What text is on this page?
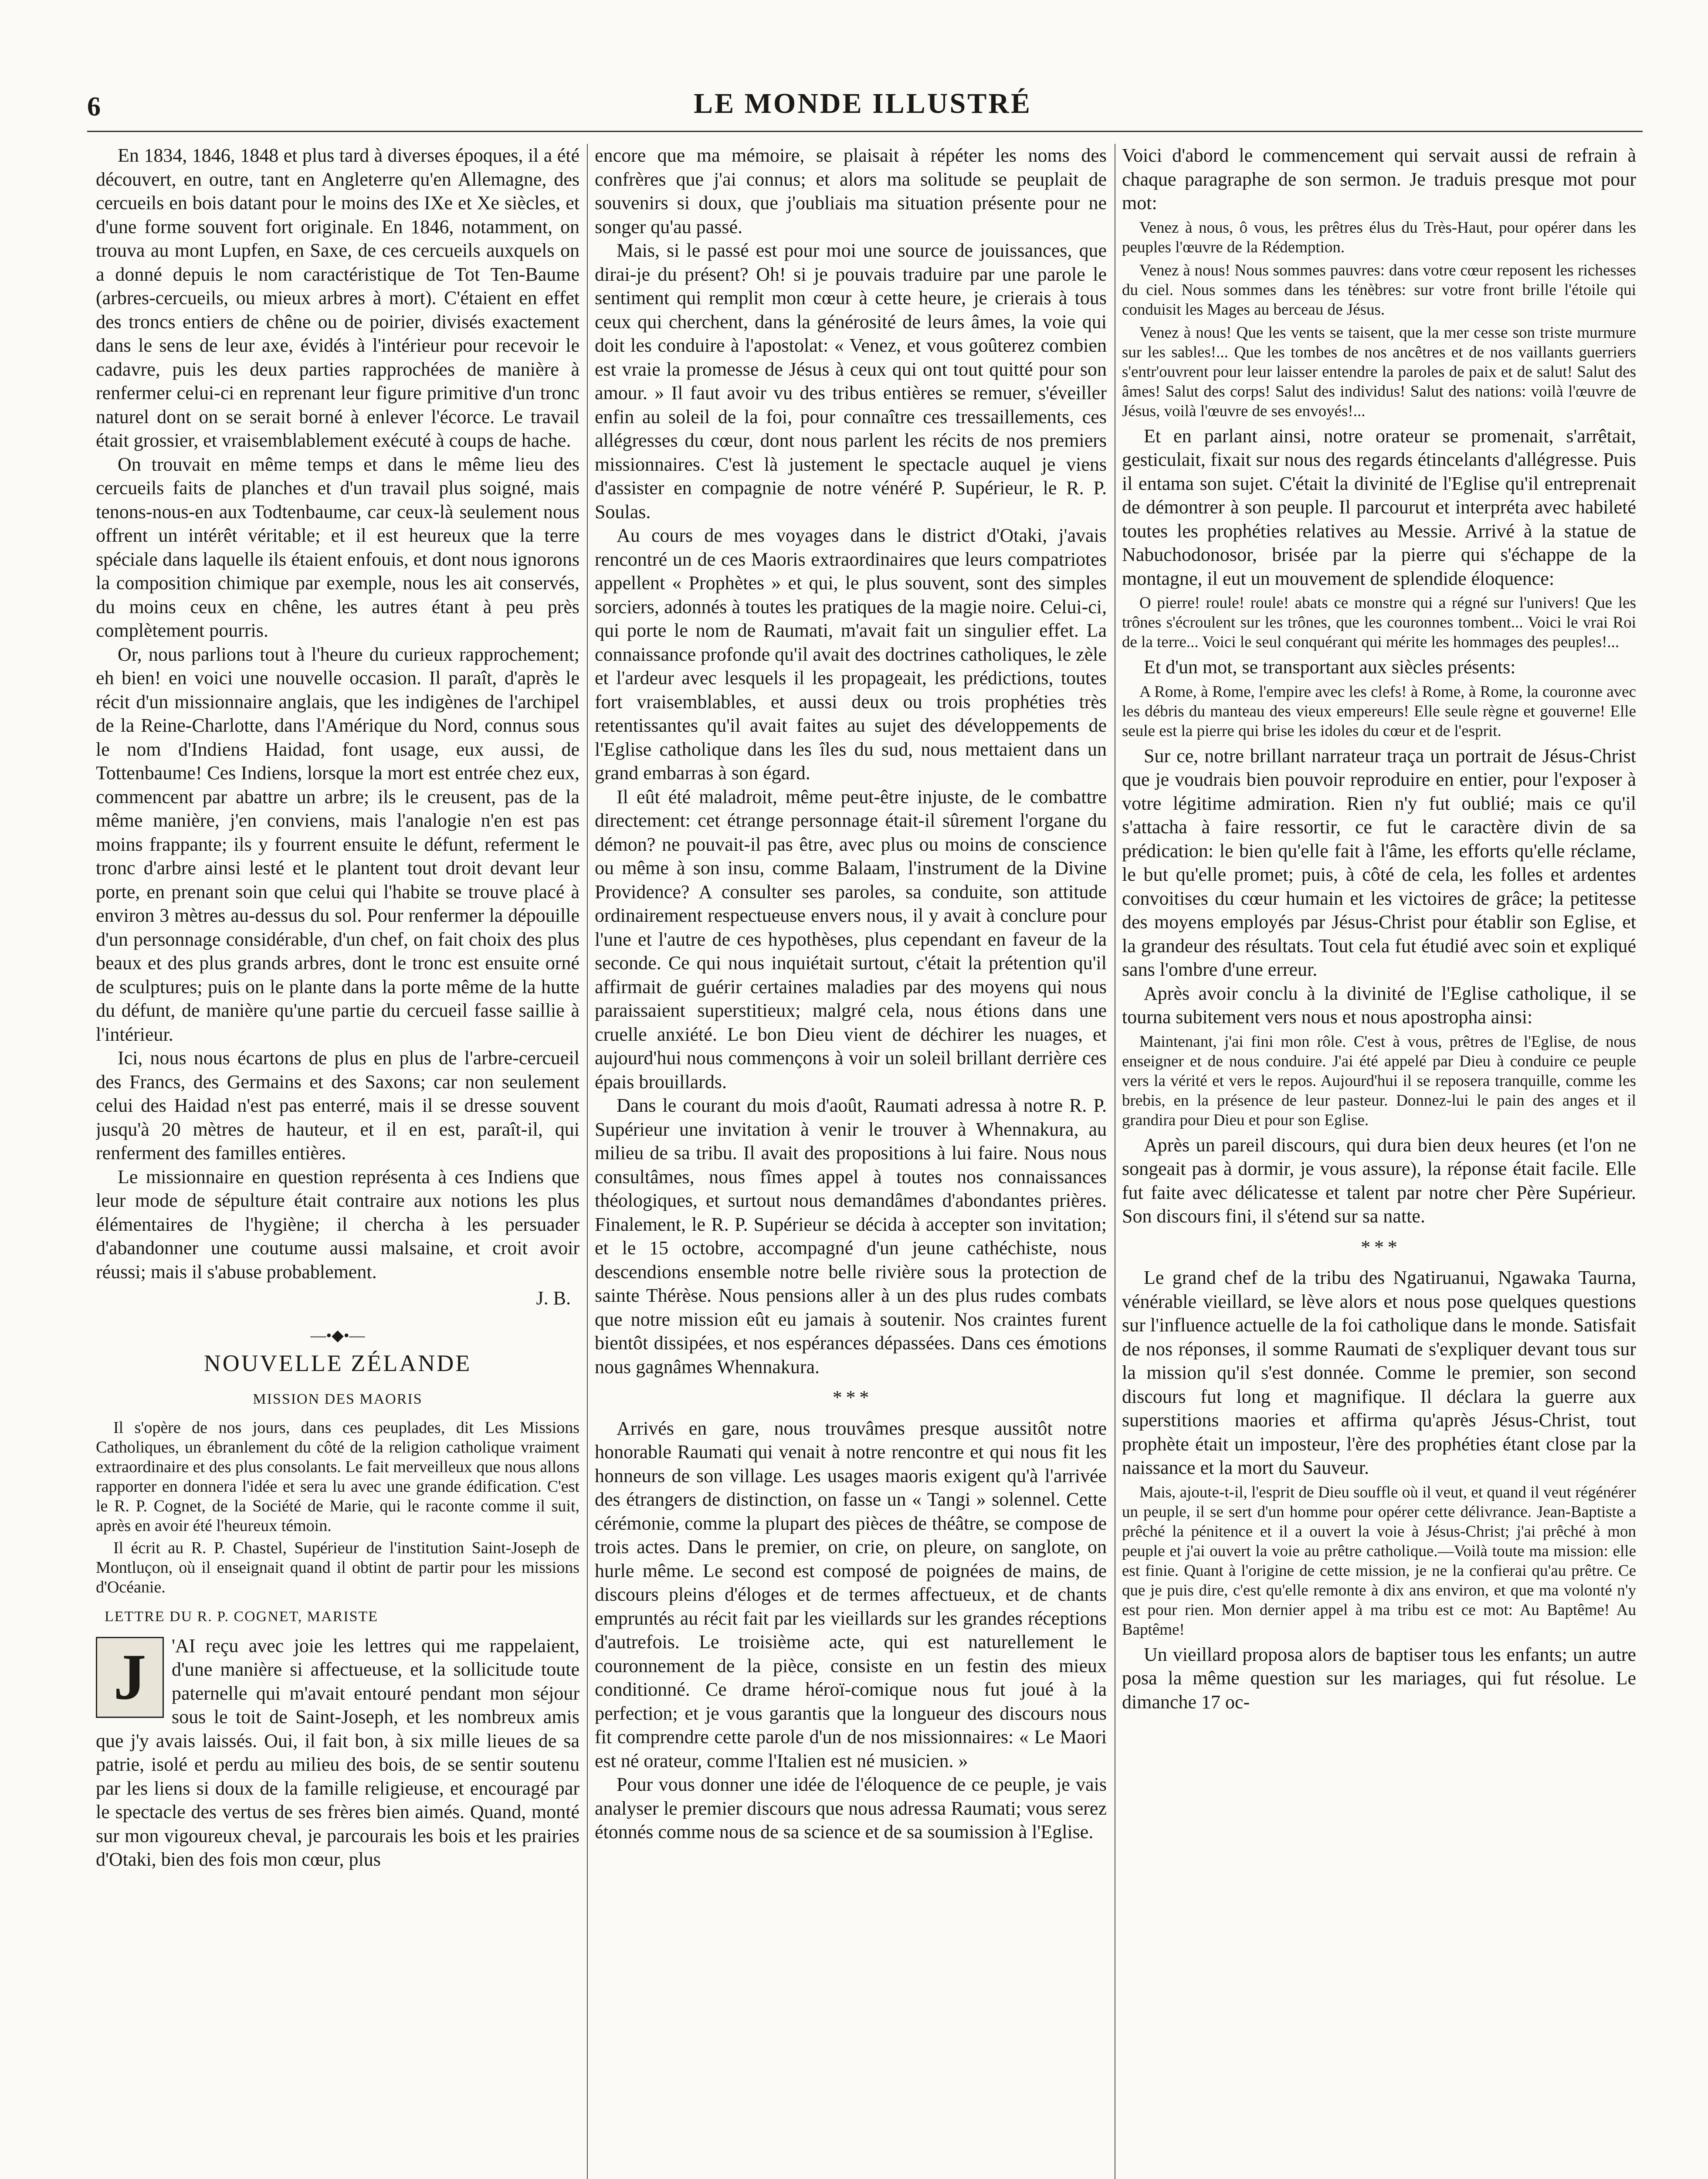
6	LE MONDE ILLUSTRÉ

En 1834, 1846, 1848 et plus tard à diverses époques, il a été découvert, en outre, tant en Angleterre qu'en Allemagne, des cercueils en bois datant pour le moins des IXe et Xe siècles, et d'une forme souvent fort originale. En 1846, notamment, on trouva au mont Lupfen, en Saxe, de ces cercueils auxquels on a donné depuis le nom caractéristique de Tot Ten-Baume (arbres-cercueils, ou mieux arbres à mort). C'étaient en effet des troncs entiers de chêne ou de poirier, divisés exactement dans le sens de leur axe, évidés à l'intérieur pour recevoir le cadavre, puis les deux parties rapprochées de manière à renfermer celui-ci en reprenant leur figure primitive d'un tronc naturel dont on se serait borné à enlever l'écorce. Le travail était grossier, et vraisemblablement exécuté à coups de hache.

On trouvait en même temps et dans le même lieu des cercueils faits de planches et d'un travail plus soigné, mais tenons-nous-en aux Todtenbaume, car ceux-là seulement nous offrent un intérêt véritable; et il est heureux que la terre spéciale dans laquelle ils étaient enfouis, et dont nous ignorons la composition chimique par exemple, nous les ait conservés, du moins ceux en chêne, les autres étant à peu près complètement pourris.

Or, nous parlions tout à l'heure du curieux rapprochement; eh bien! en voici une nouvelle occasion. Il paraît, d'après le récit d'un missionnaire anglais, que les indigènes de l'archipel de la Reine-Charlotte, dans l'Amérique du Nord, connus sous le nom d'Indiens Haidad, font usage, eux aussi, de Tottenbaume! Ces Indiens, lorsque la mort est entrée chez eux, commencent par abattre un arbre; ils le creusent, pas de la même manière, j'en conviens, mais l'analogie n'en est pas moins frappante; ils y fourrent ensuite le défunt, referment le tronc d'arbre ainsi lesté et le plantent tout droit devant leur porte, en prenant soin que celui qui l'habite se trouve placé à environ 3 mètres au-dessus du sol. Pour renfermer la dépouille d'un personnage considérable, d'un chef, on fait choix des plus beaux et des plus grands arbres, dont le tronc est ensuite orné de sculptures; puis on le plante dans la porte même de la hutte du défunt, de manière qu'une partie du cercueil fasse saillie à l'intérieur.

Ici, nous nous écartons de plus en plus de l'arbre-cercueil des Francs, des Germains et des Saxons; car non seulement celui des Haidad n'est pas enterré, mais il se dresse souvent jusqu'à 20 mètres de hauteur, et il en est, paraît-il, qui renferment des familles entières.

Le missionnaire en question représenta à ces Indiens que leur mode de sépulture était contraire aux notions les plus élémentaires de l'hygiène; il chercha à les persuader d'abandonner une coutume aussi malsaine, et croit avoir réussi; mais il s'abuse probablement.

J. B.
—•◆•—
NOUVELLE ZÉLANDE
MISSION DES MAORIS

Il s'opère de nos jours, dans ces peuplades, dit Les Missions Catholiques, un ébranlement du côté de la religion catholique vraiment extraordinaire et des plus consolants. Le fait merveilleux que nous allons rapporter en donnera l'idée et sera lu avec une grande édification. C'est le R. P. Cognet, de la Société de Marie, qui le raconte comme il suit, après en avoir été l'heureux témoin.

Il écrit au R. P. Chastel, Supérieur de l'institution Saint-Joseph de Montluçon, où il enseignait quand il obtint de partir pour les missions d'Océanie.

LETTRE DU R. P. COGNET, MARISTE
J	'AI reçu avec joie les lettres qui me rappelaient, d'une manière si affectueuse, et la sollicitude toute paternelle qui m'avait entouré pendant mon séjour sous le toit de Saint-Joseph, et les nombreux amis que j'y avais laissés. Oui, il fait bon, à six mille lieues de sa patrie, isolé et perdu au milieu des bois, de se sentir soutenu par les liens si doux de la famille religieuse, et encouragé par le spectacle des vertus de ses frères bien aimés. Quand, monté sur mon vigoureux cheval, je parcourais les bois et les prairies d'Otaki, bien des fois mon cœur, plus

encore que ma mémoire, se plaisait à répéter les noms des confrères que j'ai connus; et alors ma solitude se peuplait de souvenirs si doux, que j'oubliais ma situation présente pour ne songer qu'au passé.

Mais, si le passé est pour moi une source de jouissances, que dirai-je du présent? Oh! si je pouvais traduire par une parole le sentiment qui remplit mon cœur à cette heure, je crierais à tous ceux qui cherchent, dans la générosité de leurs âmes, la voie qui doit les conduire à l'apostolat: « Venez, et vous goûterez combien est vraie la promesse de Jésus à ceux qui ont tout quitté pour son amour. » Il faut avoir vu des tribus entières se remuer, s'éveiller enfin au soleil de la foi, pour connaître ces tressaillements, ces allégresses du cœur, dont nous parlent les récits de nos premiers missionnaires. C'est là justement le spectacle auquel je viens d'assister en compagnie de notre vénéré P. Supérieur, le R. P. Soulas.

Au cours de mes voyages dans le district d'Otaki, j'avais rencontré un de ces Maoris extraordinaires que leurs compatriotes appellent « Prophètes » et qui, le plus souvent, sont des simples sorciers, adonnés à toutes les pratiques de la magie noire. Celui-ci, qui porte le nom de Raumati, m'avait fait un singulier effet. La connaissance profonde qu'il avait des doctrines catholiques, le zèle et l'ardeur avec lesquels il les propageait, les prédictions, toutes fort vraisemblables, et aussi deux ou trois prophéties très retentissantes qu'il avait faites au sujet des développements de l'Eglise catholique dans les îles du sud, nous mettaient dans un grand embarras à son égard.

Il eût été maladroit, même peut-être injuste, de le combattre directement: cet étrange personnage était-il sûrement l'organe du démon? ne pouvait-il pas être, avec plus ou moins de conscience ou même à son insu, comme Balaam, l'instrument de la Divine Providence? A consulter ses paroles, sa conduite, son attitude ordinairement respectueuse envers nous, il y avait à conclure pour l'une et l'autre de ces hypothèses, plus cependant en faveur de la seconde. Ce qui nous inquiétait surtout, c'était la prétention qu'il affirmait de guérir certaines maladies par des moyens qui nous paraissaient superstitieux; malgré cela, nous étions dans une cruelle anxiété. Le bon Dieu vient de déchirer les nuages, et aujourd'hui nous commençons à voir un soleil brillant derrière ces épais brouillards.

Dans le courant du mois d'août, Raumati adressa à notre R. P. Supérieur une invitation à venir le trouver à Whennakura, au milieu de sa tribu. Il avait des propositions à lui faire. Nous nous consultâmes, nous fîmes appel à toutes nos connaissances théologiques, et surtout nous demandâmes d'abondantes prières. Finalement, le R. P. Supérieur se décida à accepter son invitation; et le 15 octobre, accompagné d'un jeune cathéchiste, nous descendions ensemble notre belle rivière sous la protection de sainte Thérèse. Nous pensions aller à un des plus rudes combats que notre mission eût eu jamais à soutenir. Nos craintes furent bientôt dissipées, et nos espérances dépassées. Dans ces émotions nous gagnâmes Whennakura.

* * *

Arrivés en gare, nous trouvâmes presque aussitôt notre honorable Raumati qui venait à notre rencontre et qui nous fit les honneurs de son village. Les usages maoris exigent qu'à l'arrivée des étrangers de distinction, on fasse un « Tangi » solennel. Cette cérémonie, comme la plupart des pièces de théâtre, se compose de trois actes. Dans le premier, on crie, on pleure, on sanglote, on hurle même. Le second est composé de poignées de mains, de discours pleins d'éloges et de termes affectueux, et de chants empruntés au récit fait par les vieillards sur les grandes réceptions d'autrefois. Le troisième acte, qui est naturellement le couronnement de la pièce, consiste en un festin des mieux conditionné. Ce drame héroï-comique nous fut joué à la perfection; et je vous garantis que la longueur des discours nous fit comprendre cette parole d'un de nos missionnaires: « Le Maori est né orateur, comme l'Italien est né musicien. »

Pour vous donner une idée de l'éloquence de ce peuple, je vais analyser le premier discours que nous adressa Raumati; vous serez étonnés comme nous de sa science et de sa soumission à l'Eglise.

Voici d'abord le commencement qui servait aussi de refrain à chaque paragraphe de son sermon. Je traduis presque mot pour mot:

Venez à nous, ô vous, les prêtres élus du Très-Haut, pour opérer dans les peuples l'œuvre de la Rédemption.

Venez à nous! Nous sommes pauvres: dans votre cœur reposent les richesses du ciel. Nous sommes dans les ténèbres: sur votre front brille l'étoile qui conduisit les Mages au berceau de Jésus.

Venez à nous! Que les vents se taisent, que la mer cesse son triste murmure sur les sables!... Que les tombes de nos ancêtres et de nos vaillants guerriers s'entr'ouvrent pour leur laisser entendre la paroles de paix et de salut! Salut des âmes! Salut des corps! Salut des individus! Salut des nations: voilà l'œuvre de Jésus, voilà l'œuvre de ses envoyés!...

Et en parlant ainsi, notre orateur se promenait, s'arrêtait, gesticulait, fixait sur nous des regards étincelants d'allégresse. Puis il entama son sujet. C'était la divinité de l'Eglise qu'il entreprenait de démontrer à son peuple. Il parcourut et interpréta avec habileté toutes les prophéties relatives au Messie. Arrivé à la statue de Nabuchodonosor, brisée par la pierre qui s'échappe de la montagne, il eut un mouvement de splendide éloquence:

O pierre! roule! roule! abats ce monstre qui a régné sur l'univers! Que les trônes s'écroulent sur les trônes, que les couronnes tombent... Voici le vrai Roi de la terre... Voici le seul conquérant qui mérite les hommages des peuples!...

Et d'un mot, se transportant aux siècles présents:

A Rome, à Rome, l'empire avec les clefs! à Rome, à Rome, la couronne avec les débris du manteau des vieux empereurs! Elle seule règne et gouverne! Elle seule est la pierre qui brise les idoles du cœur et de l'esprit.

Sur ce, notre brillant narrateur traça un portrait de Jésus-Christ que je voudrais bien pouvoir reproduire en entier, pour l'exposer à votre légitime admiration. Rien n'y fut oublié; mais ce qu'il s'attacha à faire ressortir, ce fut le caractère divin de sa prédication: le bien qu'elle fait à l'âme, les efforts qu'elle réclame, le but qu'elle promet; puis, à côté de cela, les folles et ardentes convoitises du cœur humain et les victoires de grâce; la petitesse des moyens employés par Jésus-Christ pour établir son Eglise, et la grandeur des résultats. Tout cela fut étudié avec soin et expliqué sans l'ombre d'une erreur.

Après avoir conclu à la divinité de l'Eglise catholique, il se tourna subitement vers nous et nous apostropha ainsi:

Maintenant, j'ai fini mon rôle. C'est à vous, prêtres de l'Eglise, de nous enseigner et de nous conduire. J'ai été appelé par Dieu à conduire ce peuple vers la vérité et vers le repos. Aujourd'hui il se reposera tranquille, comme les brebis, en la présence de leur pasteur. Donnez-lui le pain des anges et il grandira pour Dieu et pour son Eglise.

Après un pareil discours, qui dura bien deux heures (et l'on ne songeait pas à dormir, je vous assure), la réponse était facile. Elle fut faite avec délicatesse et talent par notre cher Père Supérieur. Son discours fini, il s'étend sur sa natte.

* * *

Le grand chef de la tribu des Ngatiruanui, Ngawaka Taurna, vénérable vieillard, se lève alors et nous pose quelques questions sur l'influence actuelle de la foi catholique dans le monde. Satisfait de nos réponses, il somme Raumati de s'expliquer devant tous sur la mission qu'il s'est donnée. Comme le premier, son second discours fut long et magnifique. Il déclara la guerre aux superstitions maories et affirma qu'après Jésus-Christ, tout prophète était un imposteur, l'ère des prophéties étant close par la naissance et la mort du Sauveur.

Mais, ajoute-t-il, l'esprit de Dieu souffle où il veut, et quand il veut régénérer un peuple, il se sert d'un homme pour opérer cette délivrance. Jean-Baptiste a prêché la pénitence et il a ouvert la voie à Jésus-Christ; j'ai prêché à mon peuple et j'ai ouvert la voie au prêtre catholique.—Voilà toute ma mission: elle est finie. Quant à l'origine de cette mission, je ne la confierai qu'au prêtre. Ce que je puis dire, c'est qu'elle remonte à dix ans environ, et que ma volonté n'y est pour rien. Mon dernier appel à ma tribu est ce mot: Au Baptême! Au Baptême!

Un vieillard proposa alors de baptiser tous les enfants; un autre posa la même question sur les mariages, qui fut résolue. Le dimanche 17 oc-
